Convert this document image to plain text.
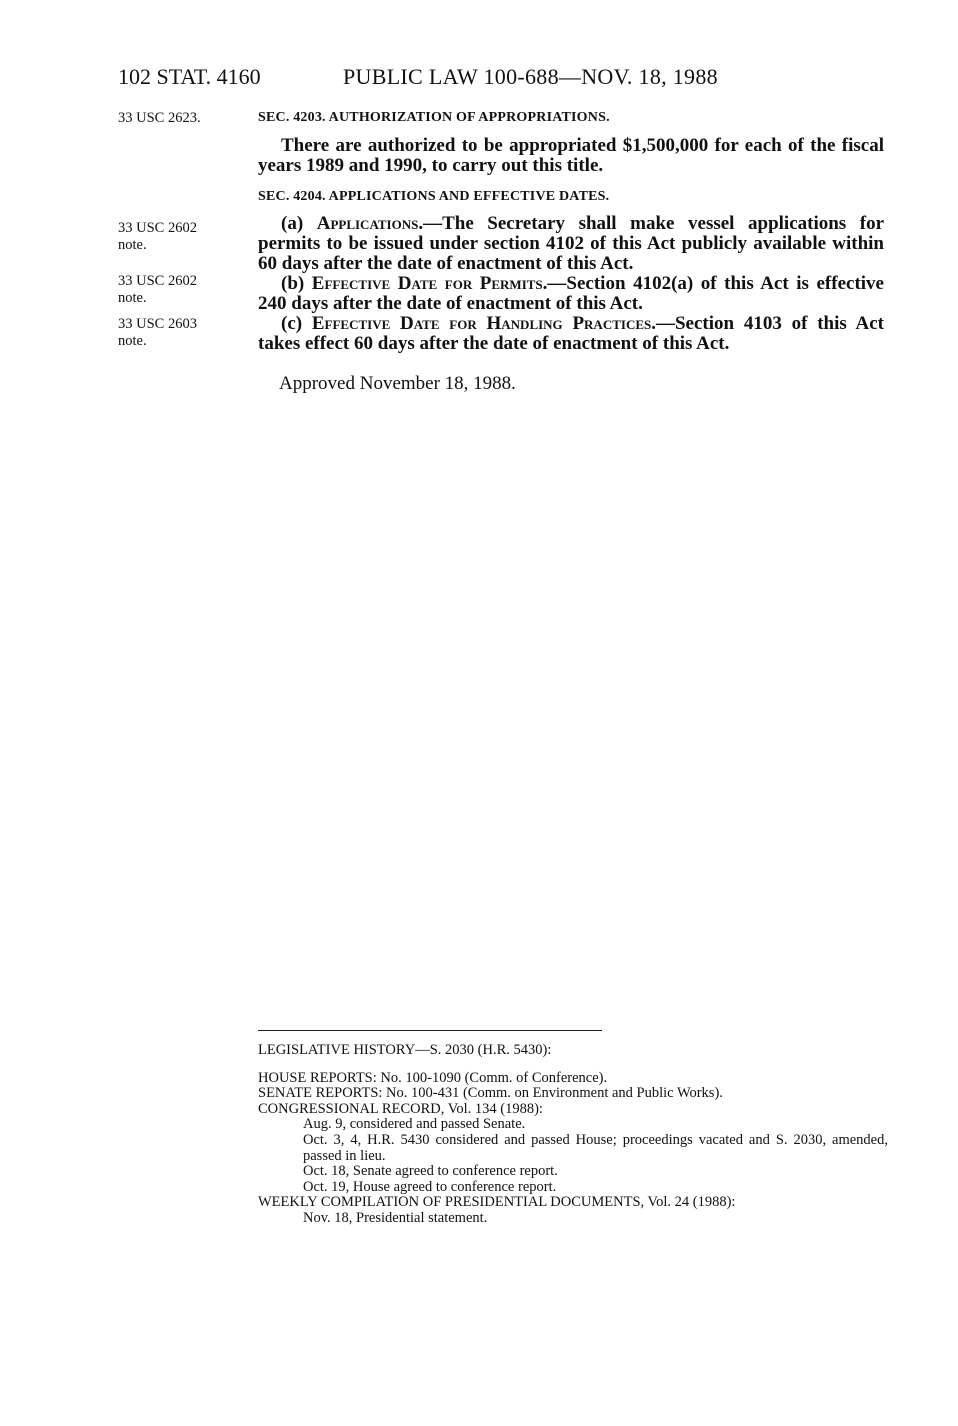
102 STAT. 4160	PUBLIC LAW 100-688—NOV. 18, 1988
33 USC 2623.
33 USC 2602 note.
33 USC 2602 note.
33 USC 2603 note.
SEC. 4203. AUTHORIZATION OF APPROPRIATIONS.
There are authorized to be appropriated $1,500,000 for each of the fiscal years 1989 and 1990, to carry out this title.
SEC. 4204. APPLICATIONS AND EFFECTIVE DATES.
(a) Applications.—The Secretary shall make vessel applications for permits to be issued under section 4102 of this Act publicly available within 60 days after the date of enactment of this Act.
(b) Effective Date for Permits.—Section 4102(a) of this Act is effective 240 days after the date of enactment of this Act.
(c) Effective Date for Handling Practices.—Section 4103 of this Act takes effect 60 days after the date of enactment of this Act.
Approved November 18, 1988.
LEGISLATIVE HISTORY—S. 2030 (H.R. 5430):
HOUSE REPORTS: No. 100-1090 (Comm. of Conference).
SENATE REPORTS: No. 100-431 (Comm. on Environment and Public Works).
CONGRESSIONAL RECORD, Vol. 134 (1988):
Aug. 9, considered and passed Senate.
Oct. 3, 4, H.R. 5430 considered and passed House; proceedings vacated and S. 2030, amended, passed in lieu.
Oct. 18, Senate agreed to conference report.
Oct. 19, House agreed to conference report.
WEEKLY COMPILATION OF PRESIDENTIAL DOCUMENTS, Vol. 24 (1988):
Nov. 18, Presidential statement.
